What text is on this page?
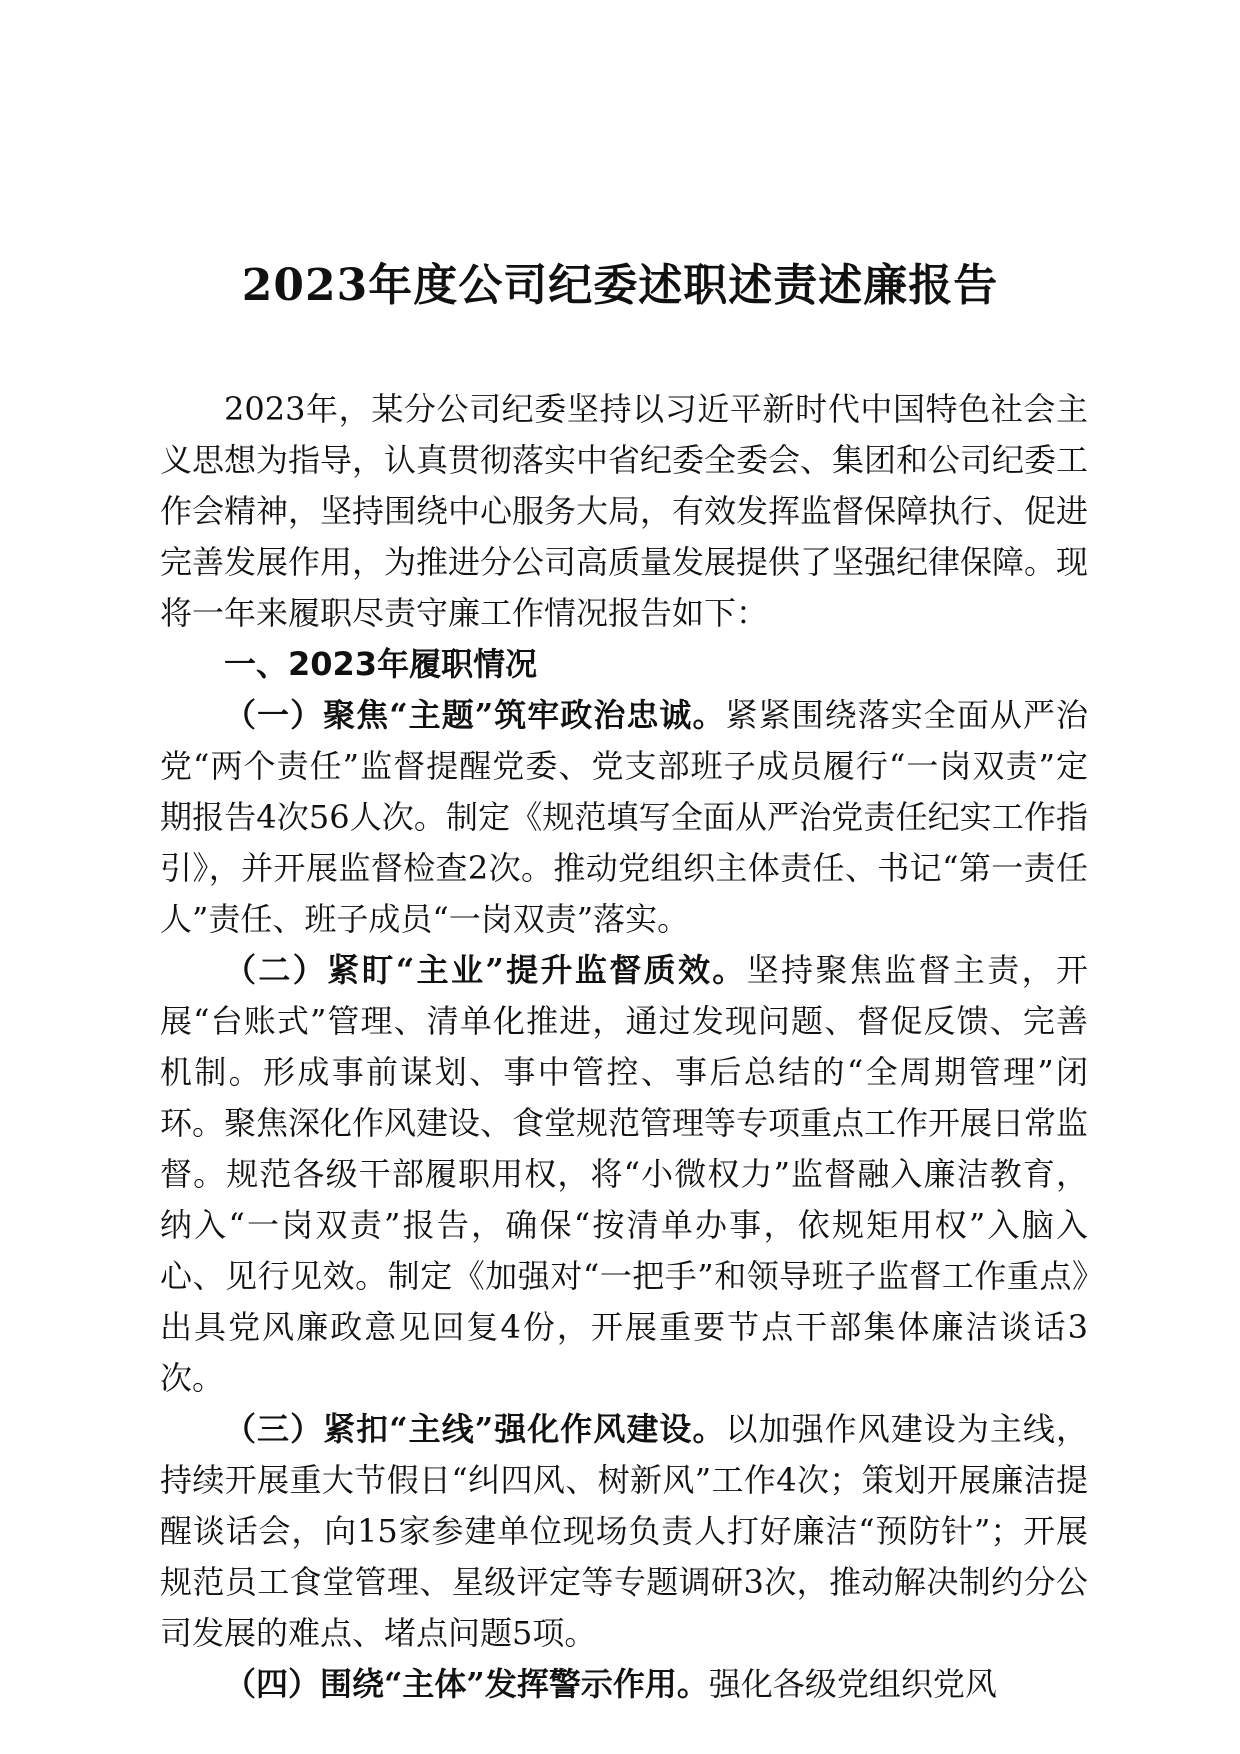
2023年度公司纪委述职述责述廉报告

2023年，某分公司纪委坚持以习近平新时代中国特色社会主义思想为指导，认真贯彻落实中省纪委全委会、集团和公司纪委工作会精神，坚持围绕中心服务大局，有效发挥监督保障执行、促进完善发展作用，为推进分公司高质量发展提供了坚强纪律保障。现将一年来履职尽责守廉工作情况报告如下：

一、2023年履职情况

（一）聚焦“主题”筑牢政治忠诚。紧紧围绕落实全面从严治党“两个责任”监督提醒党委、党支部班子成员履行“一岗双责”定期报告4次56人次。制定《规范填写全面从严治党责任纪实工作指引》，并开展监督检查2次。推动党组织主体责任、书记“第一责任人”责任、班子成员“一岗双责”落实。

（二）紧盯“主业”提升监督质效。坚持聚焦监督主责，开展“台账式”管理、清单化推进，通过发现问题、督促反馈、完善机制。形成事前谋划、事中管控、事后总结的“全周期管理”闭环。聚焦深化作风建设、食堂规范管理等专项重点工作开展日常监督。规范各级干部履职用权，将“小微权力”监督融入廉洁教育，纳入“一岗双责”报告，确保“按清单办事，依规矩用权”入脑入心、见行见效。制定《加强对“一把手”和领导班子监督工作重点》出具党风廉政意见回复4份，开展重要节点干部集体廉洁谈话3次。

（三）紧扣“主线”强化作风建设。以加强作风建设为主线，持续开展重大节假日“纠四风、树新风”工作4次；策划开展廉洁提醒谈话会，向15家参建单位现场负责人打好廉洁“预防针”；开展规范员工食堂管理、星级评定等专题调研3次，推动解决制约分公司发展的难点、堵点问题5项。

（四）围绕“主体”发挥警示作用。强化各级党组织党风
